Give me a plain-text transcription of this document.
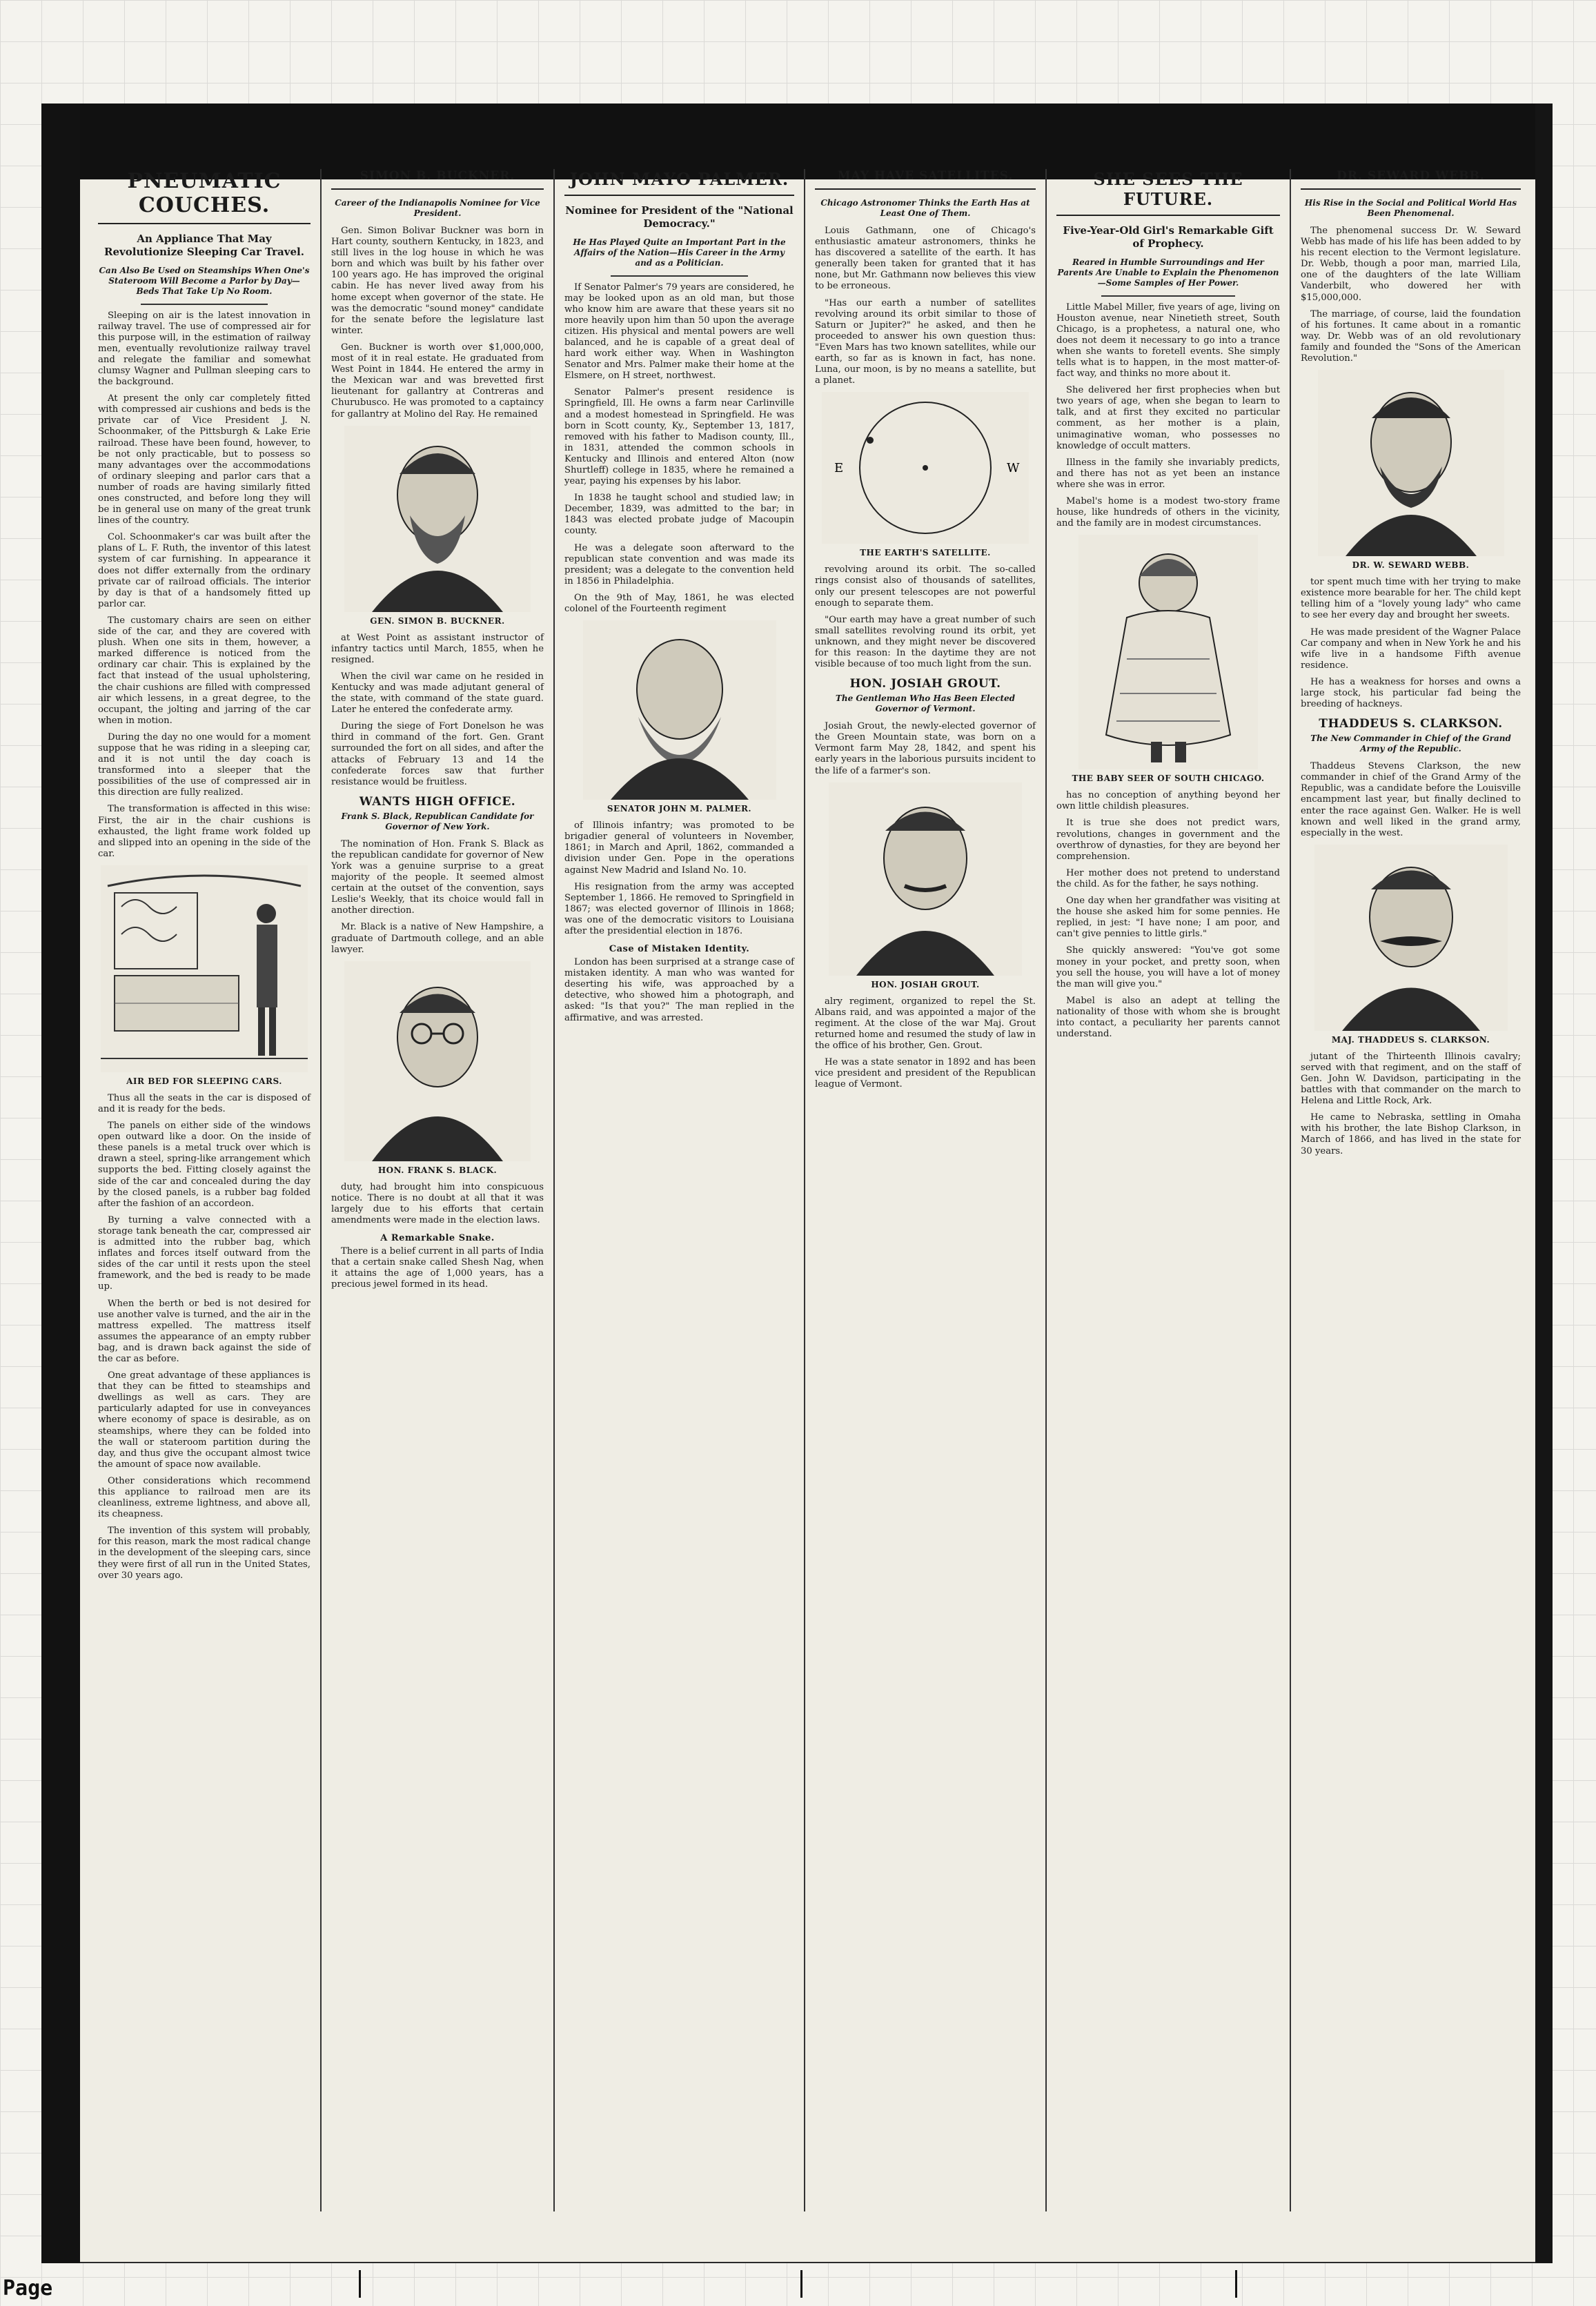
PNEUMATIC COUCHES.
An Appliance That May Revolutionize Sleeping Car Travel.
Can Also Be Used on Steamships When One's Stateroom Will Become a Parlor by Day—Beds That Take Up No Room.

Sleeping on air is the latest innovation in railway travel. The use of compressed air for this purpose will, in the estimation of railway men, eventually revolutionize railway travel and relegate the familiar and somewhat clumsy Wagner and Pullman sleeping cars to the background.

At present the only car completely fitted with compressed air cushions and beds is the private car of Vice President J. N. Schoonmaker, of the Pittsburgh & Lake Erie railroad. These have been found, however, to be not only practicable, but to possess so many advantages over the accommodations of ordinary sleeping and parlor cars that a number of roads are having similarly fitted ones constructed, and before long they will be in general use on many of the great trunk lines of the country.

Col. Schoonmaker's car was built after the plans of L. F. Ruth, the inventor of this latest system of car furnishing. In appearance it does not differ externally from the ordinary private car of railroad officials. The interior by day is that of a handsomely fitted up parlor car.

The customary chairs are seen on either side of the car, and they are covered with plush. When one sits in them, however, a marked difference is noticed from the ordinary car chair. This is explained by the fact that instead of the usual upholstering, the chair cushions are filled with compressed air which lessens, in a great degree, to the occupant, the jolting and jarring of the car when in motion.

During the day no one would for a moment suppose that he was riding in a sleeping car, and it is not until the day coach is transformed into a sleeper that the possibilities of the use of compressed air in this direction are fully realized.

The transformation is affected in this wise: First, the air in the chair cushions is exhausted, the light frame work folded up and slipped into an opening in the side of the car.

AIR BED FOR SLEEPING CARS.

Thus all the seats in the car is disposed of and it is ready for the beds.

The panels on either side of the windows open outward like a door. On the inside of these panels is a metal truck over which is drawn a steel, spring-like arrangement which supports the bed. Fitting closely against the side of the car and concealed during the day by the closed panels, is a rubber bag folded after the fashion of an accordeon.

By turning a valve connected with a storage tank beneath the car, compressed air is admitted into the rubber bag, which inflates and forces itself outward from the sides of the car until it rests upon the steel framework, and the bed is ready to be made up.

When the berth or bed is not desired for use another valve is turned, and the air in the mattress expelled. The mattress itself assumes the appearance of an empty rubber bag, and is drawn back against the side of the car as before.

One great advantage of these appliances is that they can be fitted to steamships and dwellings as well as cars. They are particularly adapted for use in conveyances where economy of space is desirable, as on steamships, where they can be folded into the wall or stateroom partition during the day, and thus give the occupant almost twice the amount of space now available.

Other considerations which recommend this appliance to railroad men are its cleanliness, extreme lightness, and above all, its cheapness.

The invention of this system will probably, for this reason, mark the most radical change in the development of the sleeping cars, since they were first of all run in the United States, over 30 years ago.

SIMON B. BUCKNER.
Career of the Indianapolis Nominee for Vice President.

Gen. Simon Bolivar Buckner was born in Hart county, southern Kentucky, in 1823, and still lives in the log house in which he was born and which was built by his father over 100 years ago. He has improved the original cabin. He has never lived away from his home except when governor of the state. He was the democratic "sound money" candidate for the senate before the legislature last winter.

Gen. Buckner is worth over $1,000,000, most of it in real estate. He graduated from West Point in 1844. He entered the army in the Mexican war and was brevetted first lieutenant for gallantry at Contreras and Churubusco. He was promoted to a captaincy for gallantry at Molino del Ray. He remained

GEN. SIMON B. BUCKNER.

at West Point as assistant instructor of infantry tactics until March, 1855, when he resigned.

When the civil war came on he resided in Kentucky and was made adjutant general of the state, with command of the state guard. Later he entered the confederate army.

During the siege of Fort Donelson he was third in command of the fort. Gen. Grant surrounded the fort on all sides, and after the attacks of February 13 and 14 the confederate forces saw that further resistance would be fruitless.

WANTS HIGH OFFICE.
Frank S. Black, Republican Candidate for Governor of New York.

The nomination of Hon. Frank S. Black as the republican candidate for governor of New York was a genuine surprise to a great majority of the people. It seemed almost certain at the outset of the convention, says Leslie's Weekly, that its choice would fall in another direction.

Mr. Black is a native of New Hampshire, a graduate of Dartmouth college, and an able lawyer.

HON. FRANK S. BLACK.

duty, had brought him into conspicuous notice. There is no doubt at all that it was largely due to his efforts that certain amendments were made in the election laws.

A Remarkable Snake.

There is a belief current in all parts of India that a certain snake called Shesh Nag, when it attains the age of 1,000 years, has a precious jewel formed in its head.

JOHN MAYO PALMER.
Nominee for President of the "National Democracy."
He Has Played Quite an Important Part in the Affairs of the Nation—His Career in the Army and as a Politician.

If Senator Palmer's 79 years are considered, he may be looked upon as an old man, but those who know him are aware that these years sit no more heavily upon him than 50 upon the average citizen. His physical and mental powers are well balanced, and he is capable of a great deal of hard work either way. When in Washington Senator and Mrs. Palmer make their home at the Elsmere, on H street, northwest.

Senator Palmer's present residence is Springfield, Ill. He owns a farm near Carlinville and a modest homestead in Springfield. He was born in Scott county, Ky., September 13, 1817, removed with his father to Madison county, Ill., in 1831, attended the common schools in Kentucky and Illinois and entered Alton (now Shurtleff) college in 1835, where he remained a year, paying his expenses by his labor.

In 1838 he taught school and studied law; in December, 1839, was admitted to the bar; in 1843 was elected probate judge of Macoupin county.

He was a delegate soon afterward to the republican state convention and was made its president; was a delegate to the convention held in 1856 in Philadelphia.

On the 9th of May, 1861, he was elected colonel of the Fourteenth regiment

SENATOR JOHN M. PALMER.

of Illinois infantry; was promoted to be brigadier general of volunteers in November, 1861; in March and April, 1862, commanded a division under Gen. Pope in the operations against New Madrid and Island No. 10.

His resignation from the army was accepted September 1, 1866. He removed to Springfield in 1867; was elected governor of Illinois in 1868; was one of the democratic visitors to Louisiana after the presidential election in 1876.

Case of Mistaken Identity.

London has been surprised at a strange case of mistaken identity. A man who was wanted for deserting his wife, was approached by a detective, who showed him a photograph, and asked: "Is that you?" The man replied in the affirmative, and was arrested.

MAY HAVE SATELLITES.
Chicago Astronomer Thinks the Earth Has at Least One of Them.

Louis Gathmann, one of Chicago's enthusiastic amateur astronomers, thinks he has discovered a satellite of the earth. It has generally been taken for granted that it has none, but Mr. Gathmann now believes this view to be erroneous.

"Has our earth a number of satellites revolving around its orbit similar to those of Saturn or Jupiter?" he asked, and then he proceeded to answer his own question thus: "Even Mars has two known satellites, while our earth, so far as is known in fact, has none. Luna, our moon, is by no means a satellite, but a planet.

E	W
THE EARTH'S SATELLITE.

revolving around its orbit. The so-called rings consist also of thousands of satellites, only our present telescopes are not powerful enough to separate them.

"Our earth may have a great number of such small satellites revolving round its orbit, yet unknown, and they might never be discovered for this reason: In the daytime they are not visible because of too much light from the sun.

HON. JOSIAH GROUT.
The Gentleman Who Has Been Elected Governor of Vermont.

Josiah Grout, the newly-elected governor of the Green Mountain state, was born on a Vermont farm May 28, 1842, and spent his early years in the laborious pursuits incident to the life of a farmer's son.

HON. JOSIAH GROUT.

alry regiment, organized to repel the St. Albans raid, and was appointed a major of the regiment. At the close of the war Maj. Grout returned home and resumed the study of law in the office of his brother, Gen. Grout.

He was a state senator in 1892 and has been vice president and president of the Republican league of Vermont.

SHE SEES THE FUTURE.
Five-Year-Old Girl's Remarkable Gift of Prophecy.
Reared in Humble Surroundings and Her Parents Are Unable to Explain the Phenomenon—Some Samples of Her Power.

Little Mabel Miller, five years of age, living on Houston avenue, near Ninetieth street, South Chicago, is a prophetess, a natural one, who does not deem it necessary to go into a trance when she wants to foretell events. She simply tells what is to happen, in the most matter-of-fact way, and thinks no more about it.

She delivered her first prophecies when but two years of age, when she began to learn to talk, and at first they excited no particular comment, as her mother is a plain, unimaginative woman, who possesses no knowledge of occult matters.

Illness in the family she invariably predicts, and there has not as yet been an instance where she was in error.

Mabel's home is a modest two-story frame house, like hundreds of others in the vicinity, and the family are in modest circumstances.

THE BABY SEER OF SOUTH CHICAGO.

has no conception of anything beyond her own little childish pleasures.

It is true she does not predict wars, revolutions, changes in government and the overthrow of dynasties, for they are beyond her comprehension.

Her mother does not pretend to understand the child. As for the father, he says nothing.

One day when her grandfather was visiting at the house she asked him for some pennies. He replied, in jest: "I have none; I am poor, and can't give pennies to little girls."

She quickly answered: "You've got some money in your pocket, and pretty soon, when you sell the house, you will have a lot of money the man will give you."

Mabel is also an adept at telling the nationality of those with whom she is brought into contact, a peculiarity her parents cannot understand.

DR. SEWARD WEBB.
His Rise in the Social and Political World Has Been Phenomenal.

The phenomenal success Dr. W. Seward Webb has made of his life has been added to by his recent election to the Vermont legislature. Dr. Webb, though a poor man, married Lila, one of the daughters of the late William Vanderbilt, who dowered her with $15,000,000.

The marriage, of course, laid the foundation of his fortunes. It came about in a romantic way. Dr. Webb was of an old revolutionary family and founded the "Sons of the American Revolution."

DR. W. SEWARD WEBB.

tor spent much time with her trying to make existence more bearable for her. The child kept telling him of a "lovely young lady" who came to see her every day and brought her sweets.

He was made president of the Wagner Palace Car company and when in New York he and his wife live in a handsome Fifth avenue residence.

He has a weakness for horses and owns a large stock, his particular fad being the breeding of hackneys.

THADDEUS S. CLARKSON.
The New Commander in Chief of the Grand Army of the Republic.

Thaddeus Stevens Clarkson, the new commander in chief of the Grand Army of the Republic, was a candidate before the Louisville encampment last year, but finally declined to enter the race against Gen. Walker. He is well known and well liked in the grand army, especially in the west.

MAJ. THADDEUS S. CLARKSON.

jutant of the Thirteenth Illinois cavalry; served with that regiment, and on the staff of Gen. John W. Davidson, participating in the battles with that commander on the march to Helena and Little Rock, Ark.

He came to Nebraska, settling in Omaha with his brother, the late Bishop Clarkson, in March of 1866, and has lived in the state for 30 years.

Page
